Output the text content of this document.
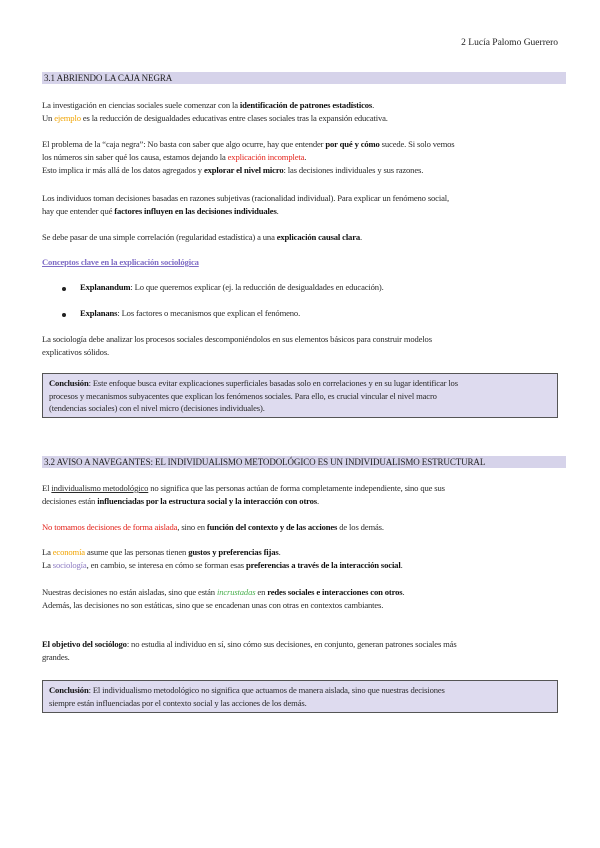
2 Lucía Palomo Guerrero
3.1 ABRIENDO LA CAJA NEGRA
La investigación en ciencias sociales suele comenzar con la identificación de patrones estadísticos.
Un ejemplo es la reducción de desigualdades educativas entre clases sociales tras la expansión educativa.
El problema de la “caja negra”: No basta con saber que algo ocurre, hay que entender por qué y cómo sucede. Si solo vemos
los números sin saber qué los causa, estamos dejando la explicación incompleta.
Esto implica ir más allá de los datos agregados y explorar el nivel micro: las decisiones individuales y sus razones.
Los individuos toman decisiones basadas en razones subjetivas (racionalidad individual). Para explicar un fenómeno social,
hay que entender qué factores influyen en las decisiones individuales.
Se debe pasar de una simple correlación (regularidad estadística) a una explicación causal clara.
Conceptos clave en la explicación sociológica
Explanandum: Lo que queremos explicar (ej. la reducción de desigualdades en educación).
Explanans: Los factores o mecanismos que explican el fenómeno.
La sociología debe analizar los procesos sociales descomponiéndolos en sus elementos básicos para construir modelos
explicativos sólidos.
Conclusión: Este enfoque busca evitar explicaciones superficiales basadas solo en correlaciones y en su lugar identificar los
procesos y mecanismos subyacentes que explican los fenómenos sociales. Para ello, es crucial vincular el nivel macro
(tendencias sociales) con el nivel micro (decisiones individuales).
3.2 AVISO A NAVEGANTES: EL INDIVIDUALISMO METODOLÓGICO ES UN INDIVIDUALISMO ESTRUCTURAL
El individualismo metodológico no significa que las personas actúan de forma completamente independiente, sino que sus
decisiones están influenciadas por la estructura social y la interacción con otros.
No tomamos decisiones de forma aislada, sino en función del contexto y de las acciones de los demás.
La economía asume que las personas tienen gustos y preferencias fijas.
La sociología, en cambio, se interesa en cómo se forman esas preferencias a través de la interacción social.
Nuestras decisiones no están aisladas, sino que están incrustadas en redes sociales e interacciones con otros.
Además, las decisiones no son estáticas, sino que se encadenan unas con otras en contextos cambiantes.
El objetivo del sociólogo: no estudia al individuo en sí, sino cómo sus decisiones, en conjunto, generan patrones sociales más
grandes.
Conclusión: El individualismo metodológico no significa que actuamos de manera aislada, sino que nuestras decisiones
siempre están influenciadas por el contexto social y las acciones de los demás.
